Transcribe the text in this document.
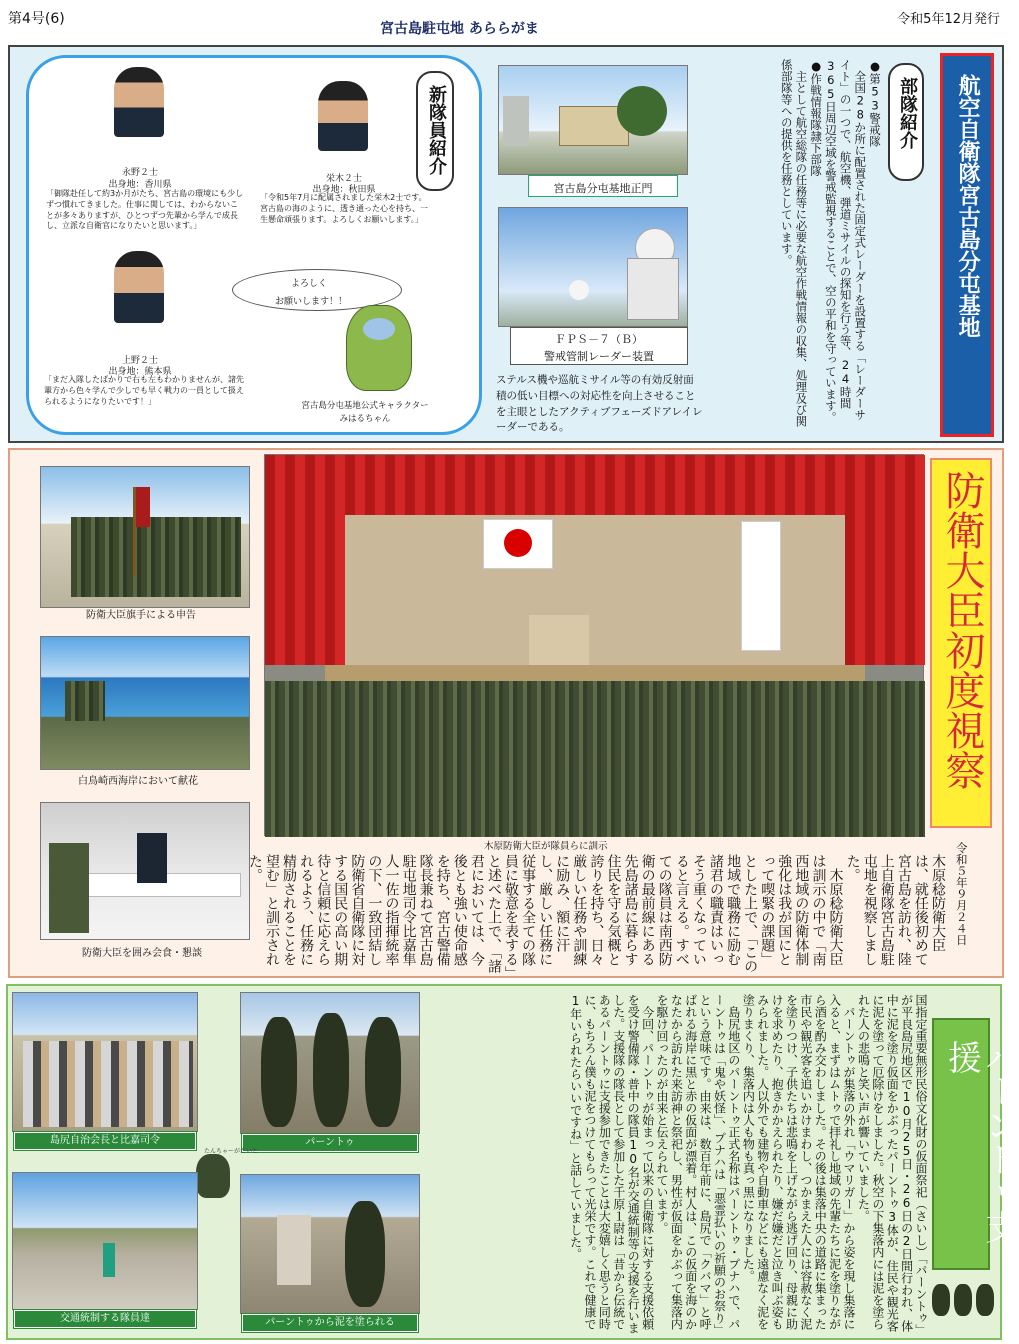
第4号(6)
宮古島駐屯地 あららがま
令和5年12月発行
航空自衛隊宮古島分屯基地
部隊紹介
●第53警戒隊
　全国28か所に配置された固定式レーダーを設置する「レーダーサイト」の一つで、航空機、弾道ミサイルの探知を行う等、24時間365日周辺空域を警戒監視することで、空の平和を守っています。
●作戦情報隊隷下部隊
　主として航空総隊の任務等に必要な航空作戦情報の収集、処理及び関係部隊等への提供を任務としています。
宮古島分屯基地正門
ＦＰＳ－７（Ｂ）
警戒管制レーダー装置
ステルス機や巡航ミサイル等の有効反射面積の低い目標への対応性を向上させることを主眼としたアクティブフェーズドアレイレーダーである。
新隊員紹介
永野２士
出身地：香川県
「御隊赴任して約3か月がたち、宮古島の環境にも少しずつ慣れてきました。仕事に関しては、わからないことが多々ありますが、ひとつずつ先輩から学んで成長し、立派な自衛官になりたいと思います。」
栄木２士
出身地：秋田県
「令和5年7月に配属されました栄木2士です。宮古島の海のように、透き通った心を持ち、一生懸命頑張ります。よろしくお願いします。」
上野２士
出身地：熊本県
「まだ入隊したばかりで右も左もわかりませんが、諸先輩方から色々学んで少しでも早く戦力の一員として扱えられるようになりたいです！」
よろしく
お願いします！！
宮古島分屯基地公式キャラクター
みはるちゃん
防衛大臣初度視察
木原防衛大臣が隊員らに訓示
防衛大臣旗手による申告
白鳥崎西海岸において献花
防衛大臣を囲み会食・懇談
令和５年９月２４日
木原稔防衛大臣は、就任後初めて宮古島を訪れ、陸上自衛隊宮古島駐屯地を視察しました。
　木原稔防衛大臣は訓示の中で「南西地域の防衛体制強化は我が国にとって喫緊の課題」とした上で、「この地域で職務に励む諸君の職責はいっそう重くなっていると言える。すべての隊員は南西防衛の最前線にある先島諸島に暮らす住民を守る気概と誇りを持ち、日々厳しい任務や訓練に励み、額に汗し、厳しい任務に従事する全ての隊員に敬意を表する」と述べた上で、「諸君においては、今後とも強い使命感を持ち、宮古警備隊長兼ねて宮古島駐屯地司令比嘉隼人一佐の指揮統率の下、一致団結し防衛省自衛隊に対する国民の高い期待と信頼に応えられるよう、任務に精励されることを望む」と訓示された。
パーントゥ支援
国指定重要無形民俗文化財の仮面祭祀（さいし）「パーントゥ」が平良島尻地区で10月25日・26日の2日間行われ、体中に泥を塗り仮面をかぶったパーントゥ3体が、住民や観光客に泥を塗って厄除けをしました。秋空の下集落内には泥を塗られた人の悲鳴と笑い声が響いていました。
　パーントゥが集落の外れ「ウマリガー」から姿を現し集落に入ると、まずはムトゥで拝礼し地域の先輩たちに泥を塗りながら酒を酌み交わしました。その後は集落中央の道路に集まった市民や観光客を追いかけまわし、つかまえた人には容赦なく泥を塗りつけ、子供たちは悲鳴を上げながら逃げ回り、母親に助けを求めたり、抱きかかえられたり、嫌だ嫌だと泣き叫ぶ姿もみられました。人以外でも建物や自動車などにも遠慮なく泥を塗りまくり、集落内は人も物も真っ黒になりました。
　島尻地区のパーントゥ正式名称はパーントゥ・プナハで、パーントゥは「鬼や妖怪」、プナハは「悪霊払いの祈願のお祭り」という意味です。由来は、数百年前に、島尻で「クバマ」と呼ばれる海岸に黒と赤の仮面が漂着。村人は、この仮面を海のかなたから訪れた来訪神と祭祀し、男性が仮面をかぶって集落内を駆け回ったのが由来と伝えられています。
　今回、パーントゥが始まって以来の自衛隊に対する支援依頼を受け警備隊・普中の隊員10名が交通統制等の支援を行いました。支援隊の隊長として参加した千原１尉は「昔から伝統であるパーントゥに支援参加できたことは大変嬉しく思うと同時に、もちろん僕も泥をつけてもらって光栄です。これで健康で1年いられたらいいですね」と話していました。
島尻自治会長と比嘉司令	パーントゥ
たんちゃーがたいと
交通統制する隊員達	パーントゥから泥を塗られる
